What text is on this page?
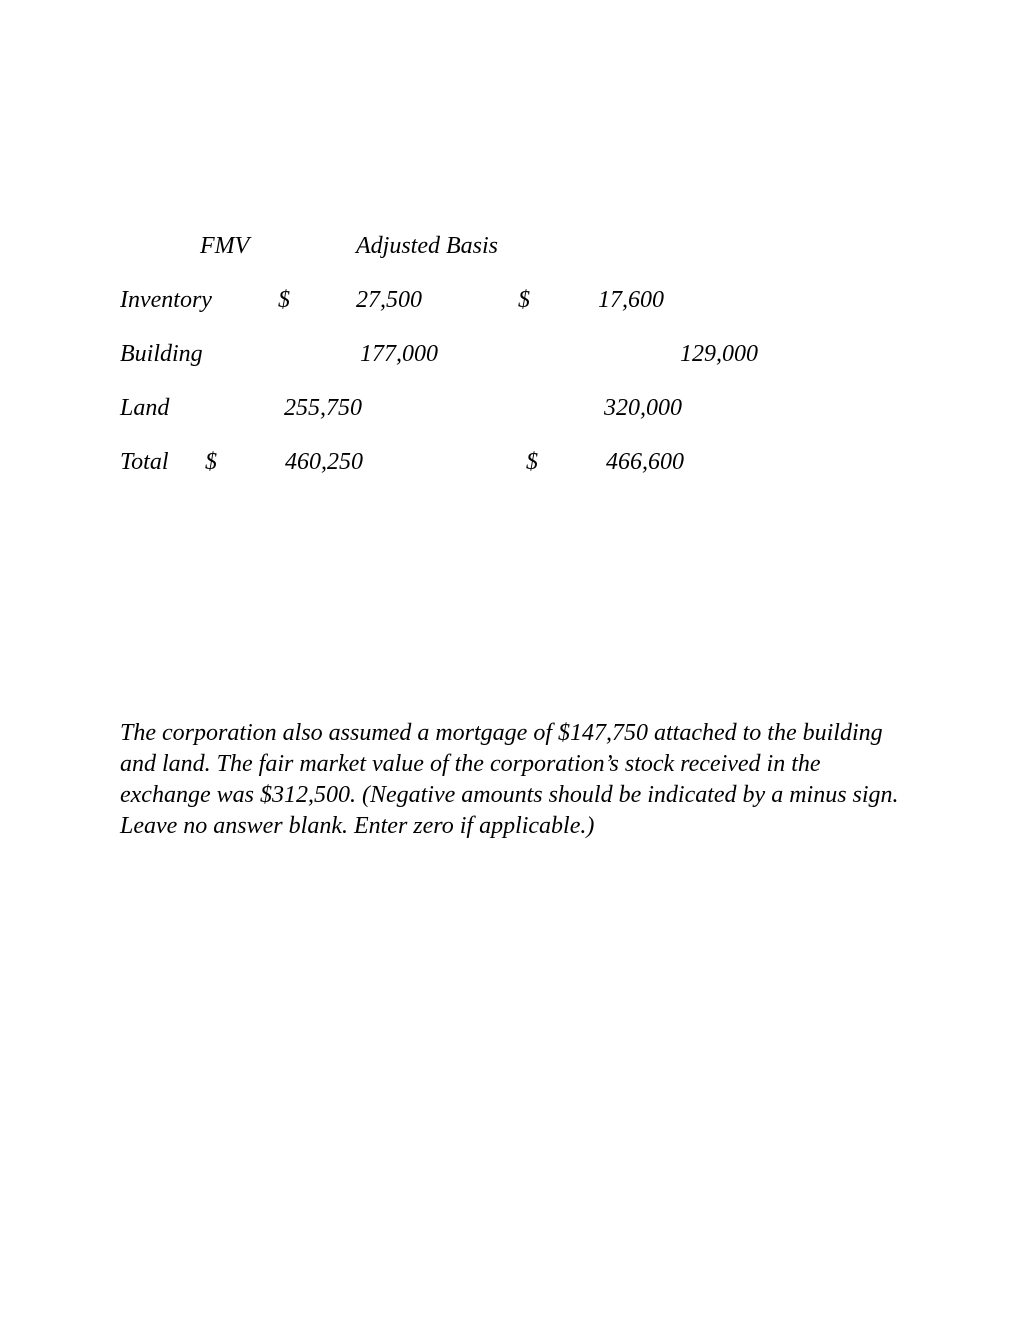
FMV	Adjusted Basis
Inventory	$	27,500	$	17,600
Building	177,000	129,000
Land	255,750	320,000
Total $	460,250	$	466,600

The corporation also assumed a mortgage of $147,750 attached to the building and land. The fair market value of the corporation’s stock received in the exchange was $312,500. (Negative amounts should be indicated by a minus sign. Leave no answer blank. Enter zero if applicable.)
